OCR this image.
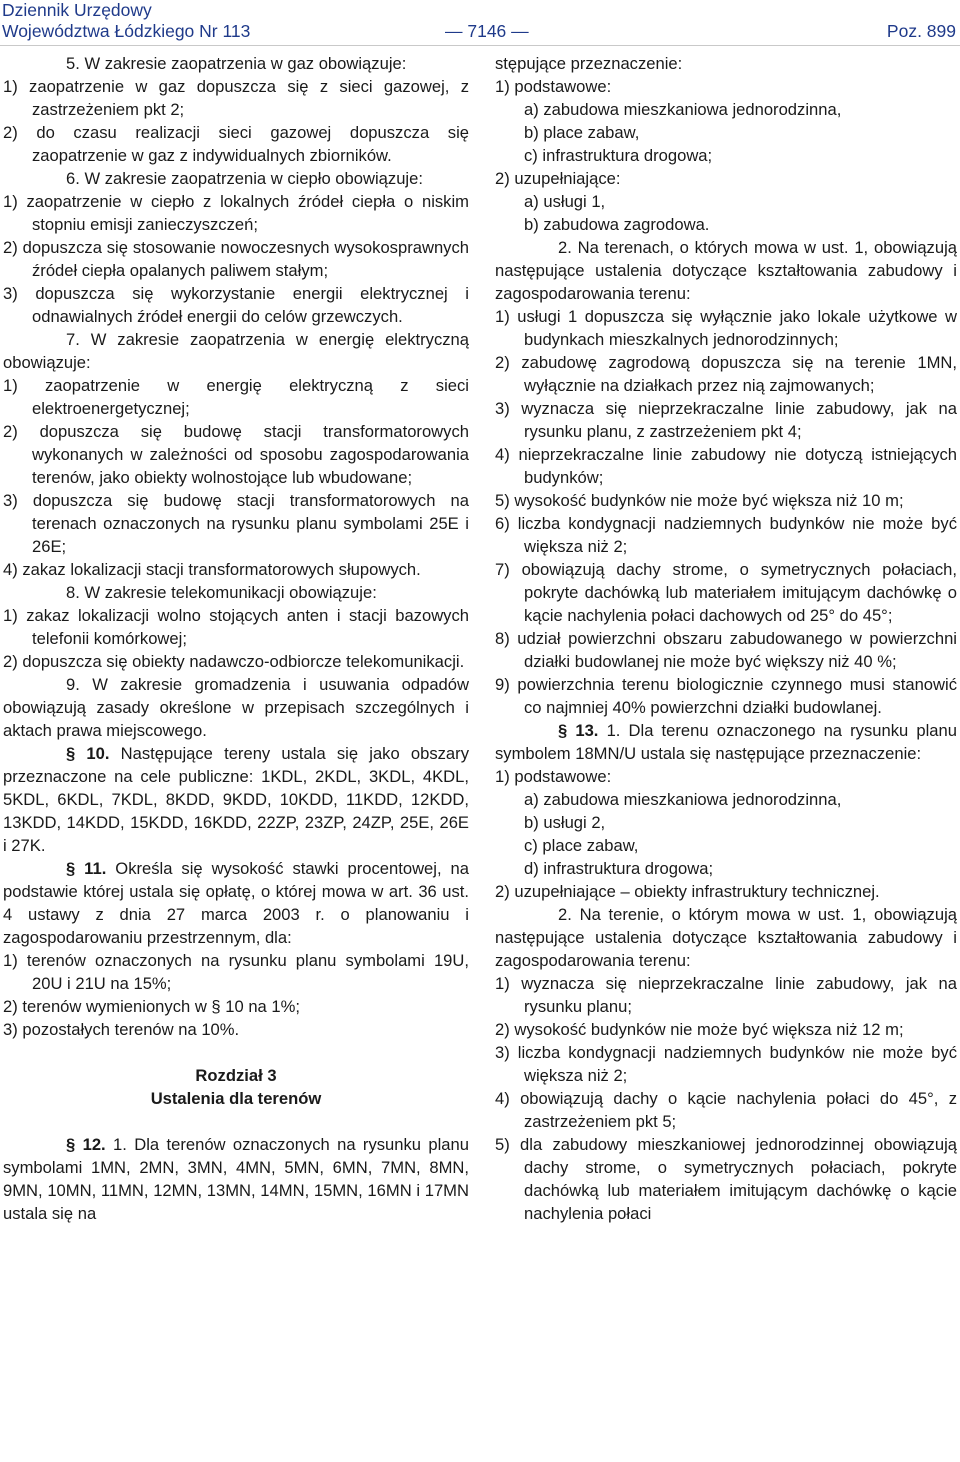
Dziennik Urzędowy
Województwa Łódzkiego Nr 113	— 7146 —	Poz. 899

5. W zakresie zaopatrzenia w gaz obowiązuje:

1) zaopatrzenie w gaz dopuszcza się z sieci gazowej, z zastrzeżeniem pkt 2;

2) do czasu realizacji sieci gazowej dopuszcza się zaopatrzenie w gaz z indywidualnych zbiorników.

6. W zakresie zaopatrzenia w ciepło obowiązuje:

1) zaopatrzenie w ciepło z lokalnych źródeł ciepła o niskim stopniu emisji zanieczyszczeń;

2) dopuszcza się stosowanie nowoczesnych wysokosprawnych źródeł ciepła opalanych paliwem stałym;

3) dopuszcza się wykorzystanie energii elektrycznej i odnawialnych źródeł energii do celów grzewczych.

7. W zakresie zaopatrzenia w energię elektryczną obowiązuje:

1) zaopatrzenie w energię elektryczną z sieci elektroenergetycznej;

2) dopuszcza się budowę stacji transformatorowych wykonanych w zależności od sposobu zagospodarowania terenów, jako obiekty wolnostojące lub wbudowane;

3) dopuszcza się budowę stacji transformatorowych na terenach oznaczonych na rysunku planu symbolami 25E i 26E;

4) zakaz lokalizacji stacji transformatorowych słupowych.

8. W zakresie telekomunikacji obowiązuje:

1) zakaz lokalizacji wolno stojących anten i stacji bazowych telefonii komórkowej;

2) dopuszcza się obiekty nadawczo-odbiorcze telekomunikacji.

9. W zakresie gromadzenia i usuwania odpadów obowiązują zasady określone w przepisach szczególnych i aktach prawa miejscowego.

§ 10. Następujące tereny ustala się jako obszary przeznaczone na cele publiczne: 1KDL, 2KDL, 3KDL, 4KDL, 5KDL, 6KDL, 7KDL, 8KDD, 9KDD, 10KDD, 11KDD, 12KDD, 13KDD, 14KDD, 15KDD, 16KDD, 22ZP, 23ZP, 24ZP, 25E, 26E i 27K.

§ 11. Określa się wysokość stawki procentowej, na podstawie której ustala się opłatę, o której mowa w art. 36 ust. 4 ustawy z dnia 27 marca 2003 r. o planowaniu i zagospodarowaniu przestrzennym, dla:

1) terenów oznaczonych na rysunku planu symbolami 19U, 20U i 21U na 15%;

2) terenów wymienionych w § 10 na 1%;

3) pozostałych terenów na 10%.

Rozdział 3

Ustalenia dla terenów

§ 12. 1. Dla terenów oznaczonych na rysunku planu symbolami 1MN, 2MN, 3MN, 4MN, 5MN, 6MN, 7MN, 8MN, 9MN, 10MN, 11MN, 12MN, 13MN, 14MN, 15MN, 16MN i 17MN ustala się na

stępujące przeznaczenie:

1) podstawowe:

a) zabudowa mieszkaniowa jednorodzinna,

b) place zabaw,

c) infrastruktura drogowa;

2) uzupełniające:

a) usługi 1,

b) zabudowa zagrodowa.

2. Na terenach, o których mowa w ust. 1, obowiązują następujące ustalenia dotyczące kształtowania zabudowy i zagospodarowania terenu:

1) usługi 1 dopuszcza się wyłącznie jako lokale użytkowe w budynkach mieszkalnych jednorodzinnych;

2) zabudowę zagrodową dopuszcza się na terenie 1MN, wyłącznie na działkach przez nią zajmowanych;

3) wyznacza się nieprzekraczalne linie zabudowy, jak na rysunku planu, z zastrzeżeniem pkt 4;

4) nieprzekraczalne linie zabudowy nie dotyczą istniejących budynków;

5) wysokość budynków nie może być większa niż 10 m;

6) liczba kondygnacji nadziemnych budynków nie może być większa niż 2;

7) obowiązują dachy strome, o symetrycznych połaciach, pokryte dachówką lub materiałem imitującym dachówkę o kącie nachylenia połaci dachowych od 25° do 45°;

8) udział powierzchni obszaru zabudowanego w powierzchni działki budowlanej nie może być większy niż 40 %;

9) powierzchnia terenu biologicznie czynnego musi stanowić co najmniej 40% powierzchni działki budowlanej.

§ 13. 1. Dla terenu oznaczonego na rysunku planu symbolem 18MN/U ustala się następujące przeznaczenie:

1) podstawowe:

a) zabudowa mieszkaniowa jednorodzinna,

b) usługi 2,

c) place zabaw,

d) infrastruktura drogowa;

2) uzupełniające – obiekty infrastruktury technicznej.

2. Na terenie, o którym mowa w ust. 1, obowiązują następujące ustalenia dotyczące kształtowania zabudowy i zagospodarowania terenu:

1) wyznacza się nieprzekraczalne linie zabudowy, jak na rysunku planu;

2) wysokość budynków nie może być większa niż 12 m;

3) liczba kondygnacji nadziemnych budynków nie może być większa niż 2;

4) obowiązują dachy o kącie nachylenia połaci do 45°, z zastrzeżeniem pkt 5;

5) dla zabudowy mieszkaniowej jednorodzinnej obowiązują dachy strome, o symetrycznych połaciach, pokryte dachówką lub materiałem imitującym dachówkę o kącie nachylenia połaci
